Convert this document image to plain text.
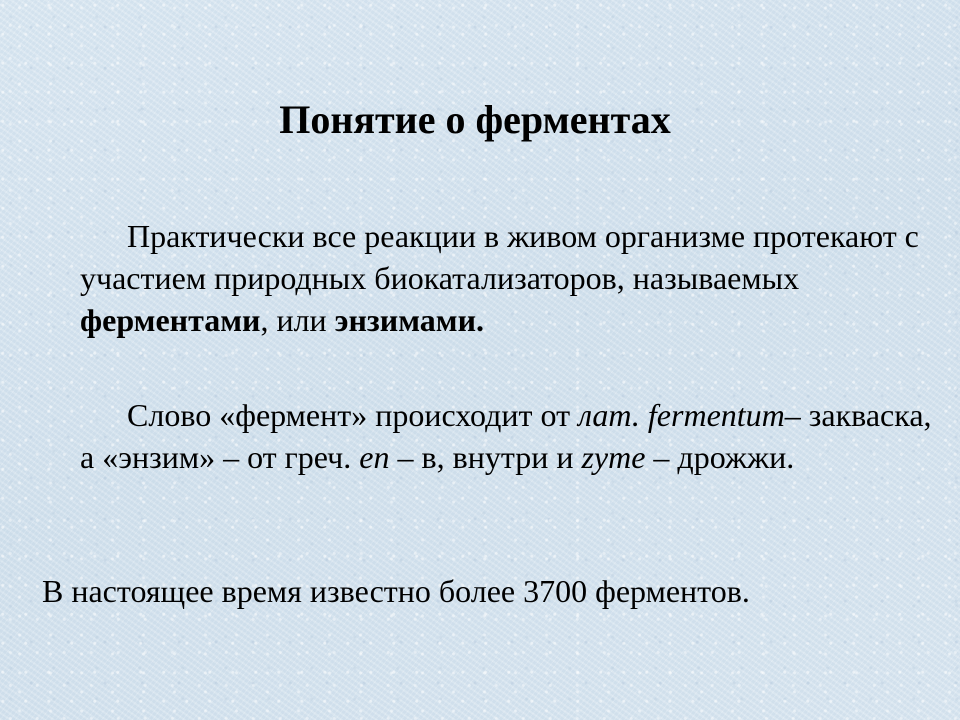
Понятие о ферментах

Практически все реакции в живом организме протекают с участием природных биокатализаторов, называемых ферментами, или энзимами.

Слово «фермент» происходит от лат. fermentum– закваска, а «энзим» – от греч. en – в, внутри и zyme – дрожжи.

В настоящее время известно более 3700 ферментов.
